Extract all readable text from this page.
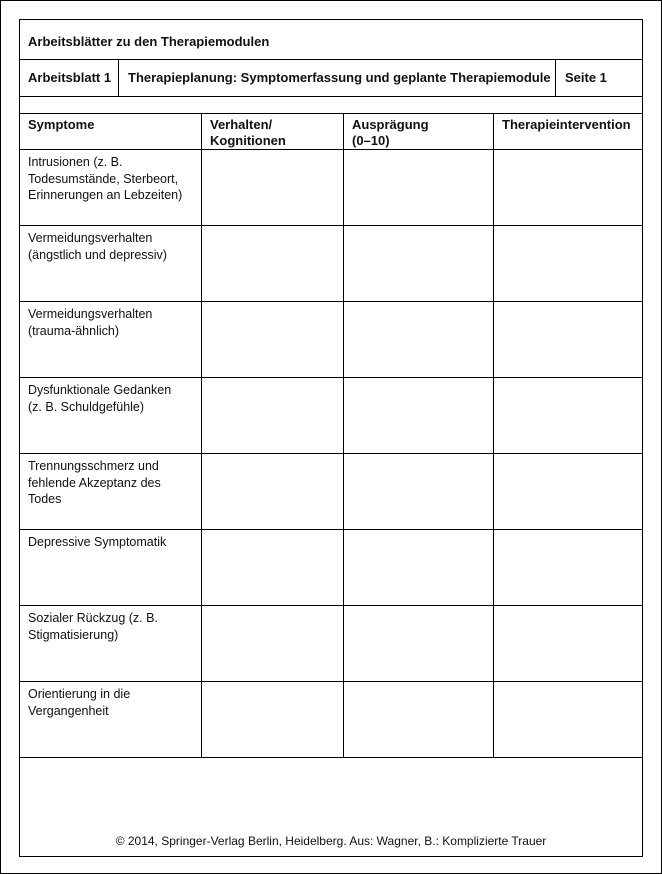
Arbeitsblätter zu den Therapiemodulen
Arbeitsblatt 1 Therapieplanung: Symptomerfassung und geplante Therapiemodule Seite 1
Symptome	Verhalten/
Kognitionen
Ausprägung
(0–10)
Therapieintervention
Intrusionen (z. B.
Todesumstände, Sterbeort,
Erinnerungen an Lebzeiten)
Vermeidungsverhalten
(ängstlich und depressiv)
Vermeidungsverhalten
(trauma-ähnlich)
Dysfunktionale Gedanken
(z. B. Schuldgefühle)
Trennungsschmerz und
fehlende Akzeptanz des
Todes
Depressive Symptomatik
Sozialer Rückzug (z. B.
Stigmatisierung)
Orientierung in die
Vergangenheit
© 2014, Springer-Verlag Berlin, Heidelberg. Aus: Wagner, B.: Komplizierte Trauer
